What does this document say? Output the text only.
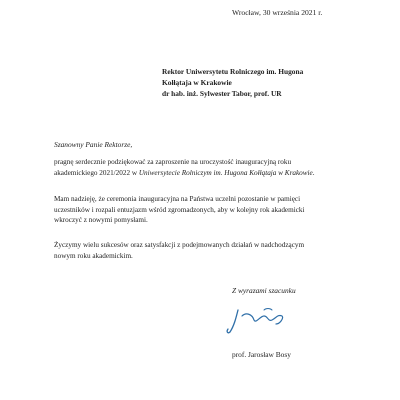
Wrocław, 30 września 2021 r.
Rektor Uniwersytetu Rolniczego im. Hugona
Kołłątaja w Krakowie
dr hab. inż. Sylwester Tabor, prof. UR
Szanowny Panie Rektorze,
pragnę serdecznie podziękować za zaproszenie na uroczystość inauguracyjną roku
akademickiego 2021/2022 w Uniwersytecie Rolniczym im. Hugona Kołłątaja w Krakowie.
Mam nadzieję, że ceremonia inauguracyjna na Państwa uczelni pozostanie w pamięci
uczestników i rozpali entuzjazm wśród zgromadzonych, aby w kolejny rok akademicki
wkroczyć z nowymi pomysłami.
Życzymy wielu sukcesów oraz satysfakcji z podejmowanych działań w nadchodzącym
nowym roku akademickim.
Z wyrazami szacunku
prof. Jarosław Bosy
